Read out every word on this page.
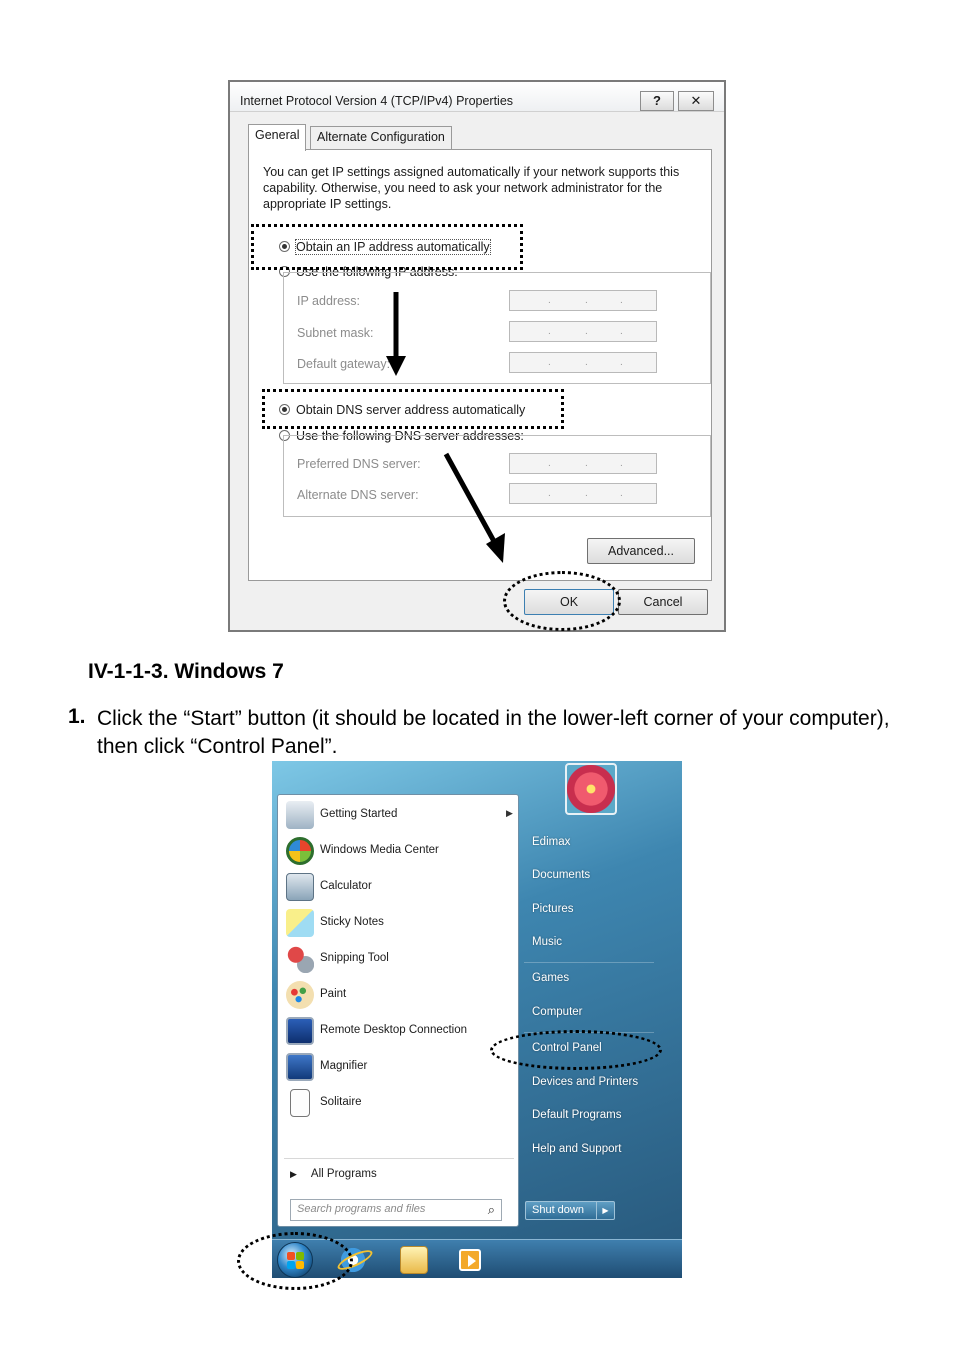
Internet Protocol Version 4 (TCP/IPv4) Properties	?	✕
General	Alternate Configuration
You can get IP settings assigned automatically if your network supports this capability. Otherwise, you need to ask your network administrator for the appropriate IP settings.
Obtain an IP address automatically
Use the following IP address:
IP address:	.	.	.
Subnet mask:	.	.	.
Default gateway:	.	.	.
Obtain DNS server address automatically
Use the following DNS server addresses:
Preferred DNS server:	.	.	.
Alternate DNS server:	.	.	.
Advanced...
OK	Cancel
IV-1-1-3. Windows 7
1. Click the “Start” button (it should be located in the lower-left corner of your computer), then click “Control Panel”.
Getting Started	▶
Windows Media Center
Calculator
Sticky Notes
Snipping Tool
Paint
Remote Desktop Connection
Magnifier
Solitaire
▶ All Programs
Search programs and files	⌕
Edimax
Documents
Pictures
Music
Games
Computer
Control Panel
Devices and Printers
Default Programs
Help and Support
Shut down	▶
